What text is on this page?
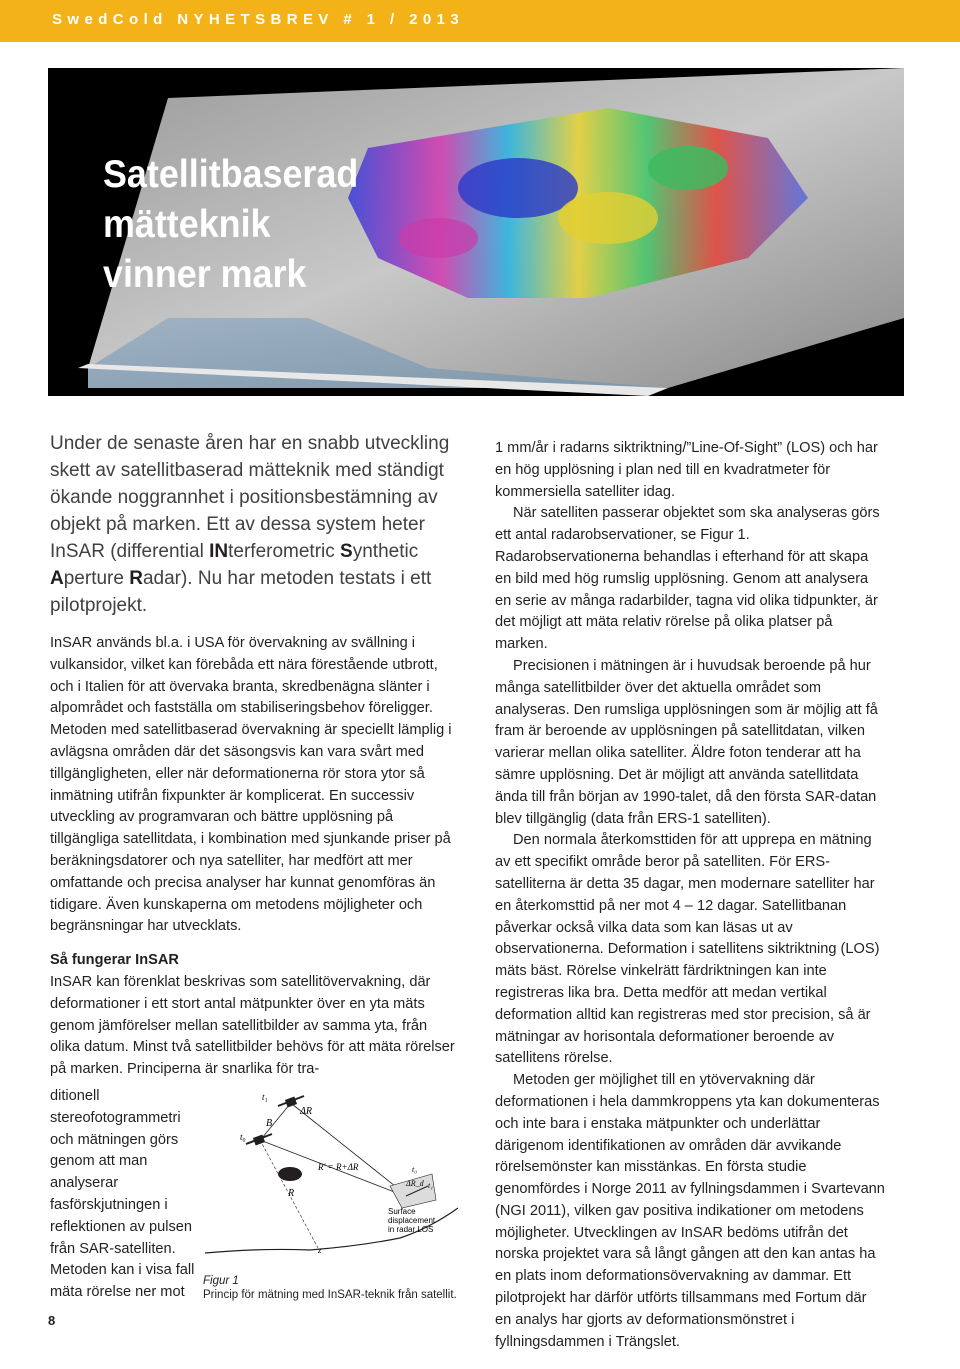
SwedCold NYHETSBREV # 1 / 2013
Satellitbaserad
mätteknik
vinner mark

Under de senaste åren har en snabb utveckling skett av satellitbaserad mätteknik med ständigt ökande noggrannhet i positionsbestämning av objekt på marken. Ett av dessa system heter InSAR (differential INterferometric Synthetic Aperture Radar). Nu har metoden testats i ett pilotprojekt.

InSAR används bl.a. i USA för övervakning av svällning i vulkansidor, vilket kan förebåda ett nära förestående utbrott, och i Italien för att övervaka branta, skredbenägna slänter i alpområdet och fastställa om stabiliseringsbehov föreligger. Metoden med satellitbaserad övervakning är speciellt lämplig i avlägsna områden där det säsongsvis kan vara svårt med tillgängligheten, eller när deformationerna rör stora ytor så inmätning utifrån fixpunkter är komplicerat. En successiv utveckling av programvaran och bättre upplösning på tillgängliga satellitdata, i kombination med sjunkande priser på beräkningsdatorer och nya satelliter, har medfört att mer omfattande och precisa analyser har kunnat genomföras än tidigare. Även kunskaperna om metodens möjligheter och begränsningar har utvecklats.

Så fungerar InSAR

InSAR kan förenklat beskrivas som satellitövervakning, där deformationer i ett stort antal mätpunkter över en yta mäts genom jämförelser mellan satellitbilder av samma yta, från olika datum. Minst två satellitbilder behövs för att mäta rörelser på marken. Principerna är snarlika för tra-

ditionell stereofotogrammetri och mätningen görs genom att man analyserar fasförskjutningen i reflektionen av pulsen från SAR-satelliten. Metoden kan i visa fall mäta rörelse ner mot

t₁
t₀
B
ΔR
R
R' = R+ΔR
z
t₀
t₁
ΔR_d
Surface
displacement
in radar LOS
Figur 1
Princip för mätning med InSAR-teknik från satellit.

1 mm/år i radarns siktriktning/”Line-Of-Sight” (LOS) och har en hög upplösning i plan ned till en kvadratmeter för kommersiella satelliter idag.

När satelliten passerar objektet som ska analyseras görs ett antal radarobservationer, se Figur 1. Radarobservationerna behandlas i efterhand för att skapa en bild med hög rumslig upplösning. Genom att analysera en serie av många radarbilder, tagna vid olika tidpunkter, är det möjligt att mäta relativ rörelse på olika platser på marken.

Precisionen i mätningen är i huvudsak beroende på hur många satellitbilder över det aktuella området som analyseras. Den rumsliga upplösningen som är möjlig att få fram är beroende av upplösningen på satellitdatan, vilken varierar mellan olika satelliter. Äldre foton tenderar att ha sämre upplösning. Det är möjligt att använda satellitdata ända till från början av 1990-talet, då den första SAR-datan blev tillgänglig (data från ERS-1 satelliten).

Den normala återkomsttiden för att upprepa en mätning av ett specifikt område beror på satelliten. För ERS-satelliterna är detta 35 dagar, men modernare satelliter har en återkomsttid på ner mot 4 – 12 dagar. Satellitbanan påverkar också vilka data som kan läsas ut av observationerna. Deformation i satellitens siktriktning (LOS) mäts bäst. Rörelse vinkelrätt färdriktningen kan inte registreras lika bra. Detta medför att medan vertikal deformation alltid kan registreras med stor precision, så är mätningar av horisontala deformationer beroende av satellitens rörelse.

Metoden ger möjlighet till en ytövervakning där deformationen i hela dammkroppens yta kan dokumenteras och inte bara i enstaka mätpunkter och underlättar därigenom identifikationen av områden där avvikande rörelsemönster kan misstänkas. En första studie genomfördes i Norge 2011 av fyllningsdammen i Svartevann (NGI 2011), vilken gav positiva indikationer om metodens möjligheter. Utvecklingen av InSAR bedöms utifrån det norska projektet vara så långt gången att den kan antas ha en plats inom deformationsövervakning av dammar. Ett pilotprojekt har därför utförts tillsammans med Fortum där en analys har gjorts av deformationsmönstret i fyllningsdammen i Trängslet.

8
